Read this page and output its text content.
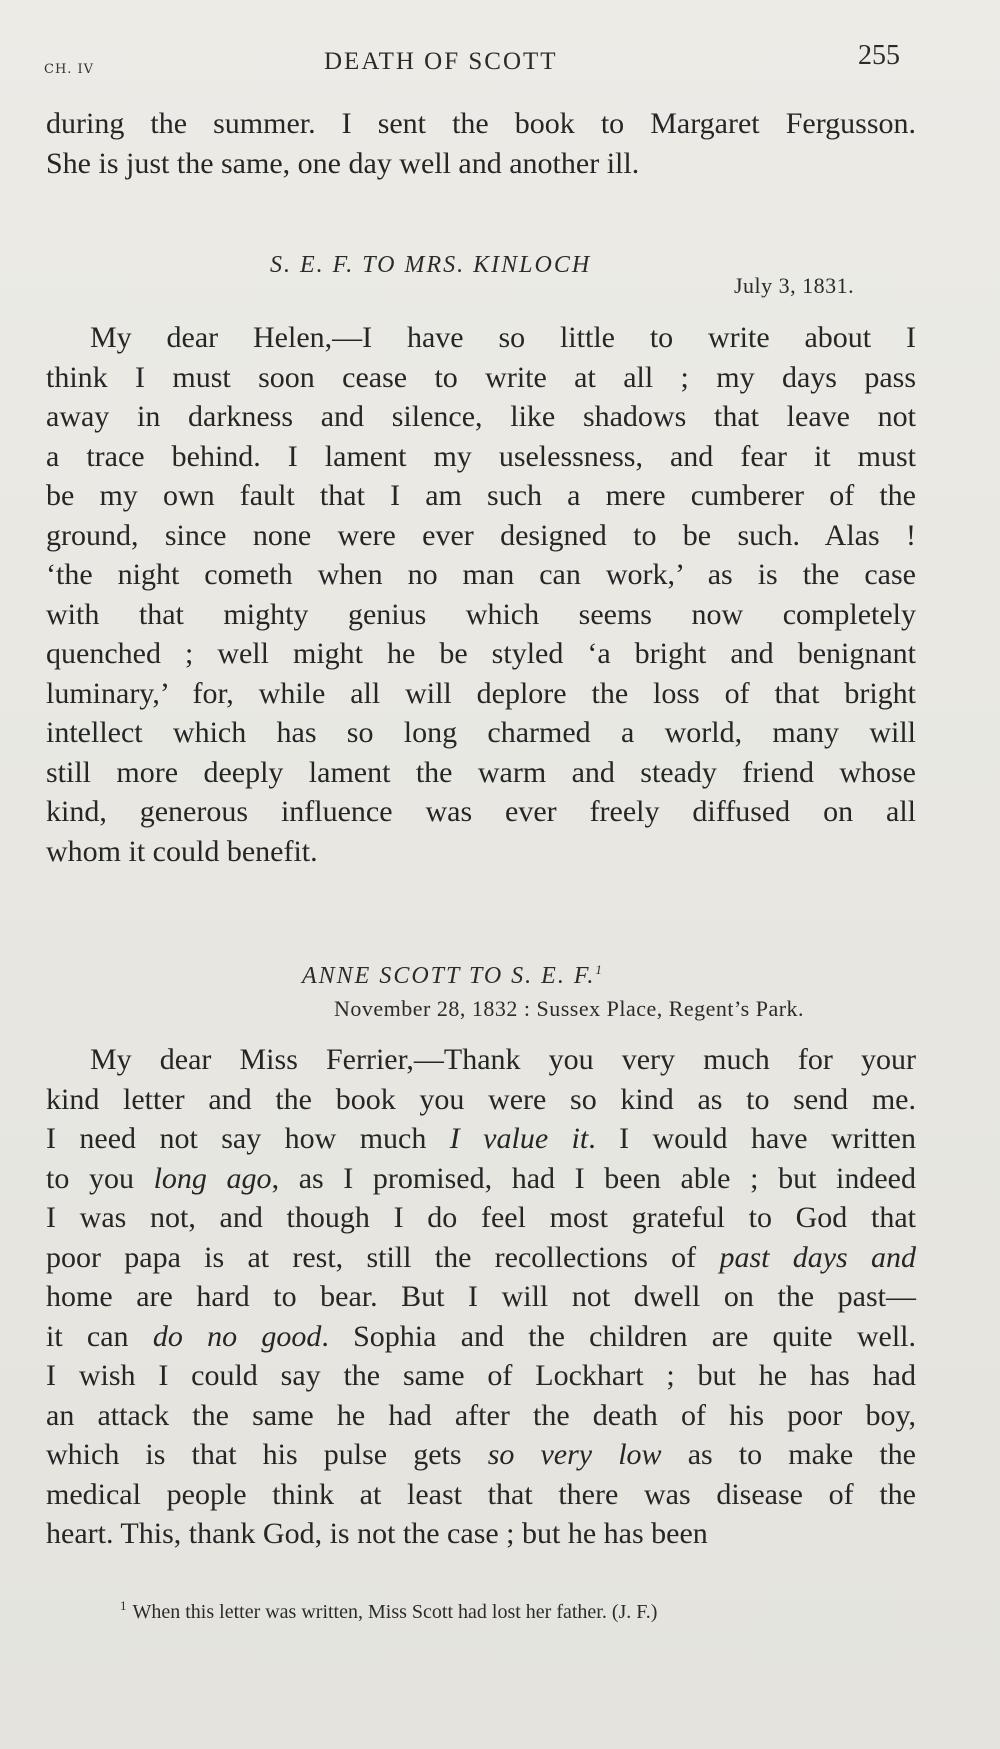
CH. IV	DEATH OF SCOTT	255
during the summer. I sent the book to Margaret Fergusson.
She is just the same, one day well and another ill.
S. E. F. TO MRS. KINLOCH
July 3, 1831.
My dear Helen,—I have so little to write about I
think I must soon cease to write at all ; my days pass
away in darkness and silence, like shadows that leave not
a trace behind. I lament my uselessness, and fear it must
be my own fault that I am such a mere cumberer of the
ground, since none were ever designed to be such. Alas !
‘the night cometh when no man can work,’ as is the case
with that mighty genius which seems now completely
quenched ; well might he be styled ‘a bright and benignant
luminary,’ for, while all will deplore the loss of that bright
intellect which has so long charmed a world, many will
still more deeply lament the warm and steady friend whose
kind, generous influence was ever freely diffused on all
whom it could benefit.
ANNE SCOTT TO S. E. F.$^1$
November 28, 1832 : Sussex Place, Regent’s Park.
My dear Miss Ferrier,—Thank you very much for your
kind letter and the book you were so kind as to send me.
I need not say how much I value it. I would have written
to you long ago, as I promised, had I been able ; but indeed
I was not, and though I do feel most grateful to God that
poor papa is at rest, still the recollections of past days and
home are hard to bear. But I will not dwell on the past—
it can do no good. Sophia and the children are quite well.
I wish I could say the same of Lockhart ; but he has had
an attack the same he had after the death of his poor boy,
which is that his pulse gets so very low as to make the
medical people think at least that there was disease of the
heart. This, thank God, is not the case ; but he has been
$^1$ When this letter was written, Miss Scott had lost her father. (J. F.)
